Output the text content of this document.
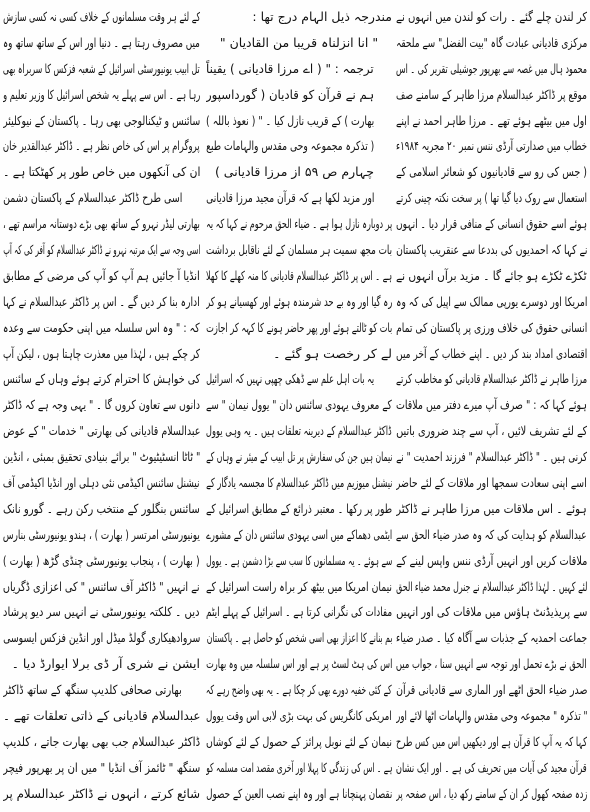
کر لندن چلے گئے ۔ رات کو لندن میں انہوں نے
مرکزی قادیانی عبادت گاہ "بیت الفضل" سے ملحقہ
محمود ہال میں غصہ سے بھرپور جوشیلی تقریر کی ۔ اس
موقع پر ڈاکٹر عبدالسلام مرزا طاہر کے سامنے صف
اول میں بیٹھے ہوئے تھے ۔ مرزا طاہر احمد نے اپنے
خطاب میں صدارتی آرڈی ننس نمبر ۲۰ مجریہ ۱۹۸۴ء
( جس کی رو سے قادیانیوں کو شعائر اسلامی کے
استعمال سے روک دیا گیا تھا ) پر سخت نکتہ چینی کرتے
ہوئے اسے حقوق انسانی کے منافی قرار دیا ۔ انہوں
نے کہا کہ احمدیوں کی بددعا سے عنقریب پاکستان
ٹکڑے ٹکڑے ہو جائے گا ۔ مزید برآں انہوں نے
امریکا اور دوسرے یورپی ممالک سے اپیل کی کہ وہ
انسانی حقوق کی خلاف ورزی پر پاکستان کی تمام
اقتصادی امداد بند کر دیں ۔ اپنے خطاب کے آخر میں
مرزا طاہر نے ڈاکٹر عبدالسلام قادیانی کو مخاطب کرتے
ہوئے کہا کہ : " صرف آپ میرے دفتر میں ملاقات
کے لئے تشریف لائیں ، آپ سے چند ضروری باتیں
کرنی ہیں ۔ " ڈاکٹر عبدالسلام " فرزند احمدیت " نے
اسے اپنی سعادت سمجھا اور ملاقات کے لئے حاضر
ہوئے ۔ اس ملاقات میں مرزا طاہر نے ڈاکٹر
عبدالسلام کو ہدایت کی کہ وہ صدر ضیاء الحق سے
ملاقات کریں اور انہیں آرڈی ننس واپس لینے کے
لئے کہیں ۔ لہٰذا ڈاکٹر عبدالسلام نے جنرل محمد ضیاء الحق
سے پریذیڈنٹ ہاؤس میں ملاقات کی اور انہیں
جماعت احمدیہ کے جذبات سے آگاہ کیا ۔ صدر ضیاء
الحق نے بڑے تحمل اور توجہ سے انہیں سنا ، جواب میں
صدر ضیاء الحق اٹھے اور الماری سے قادیانی قرآن
" تذکرہ " مجموعہ وحی مقدس والہامات اٹھا لائے اور
کہا کہ یہ آپ کا قرآن ہے اور دیکھیں اس میں کس طرح
قرآن مجید کی آیات میں تحریف کی ہے ۔ اور ایک نشان
زدہ صفحہ کھول کر ان کے سامنے رکھ دیا ، اس صفحہ پر
مندرجہ ذیل الہام درج تھا :
" انا انزلناہ قریبا من القادیان "
ترجمہ : " ( اے مرزا قادیانی ) یقیناً
ہم نے قرآن کو قادیان ( گورداسپور
بھارت ) کے قریب نازل کیا ۔ " ( نعوذ باللہ )
( تذکرہ مجموعہ وحی مقدس والہامات طبع
چہارم ص ۵۹ از مرزا قادیانی )
اور مزید لکھا ہے کہ قرآن مجید مرزا قادیانی
پر دوبارہ نازل ہوا ہے ۔ ضیاء الحق مرحوم نے کہا کہ یہ
بات مجھ سمیت ہر مسلمان کے لئے ناقابل برداشت
ہے ۔ اس پر ڈاکٹر عبدالسلام قادیانی کا منہ کھلے کا کھلا
رہ گیا اور وہ بے حد شرمندہ ہوئے اور کھسیانے ہو کر
بات کو ٹالتے ہوئے اور پھر حاضر ہونے کا کہہ کر اجازت
لے کر رخصت ہو گئے ۔
یہ بات اہل علم سے ڈھکی چھپی نہیں کہ اسرائیل
کے معروف یہودی سائنس دان " یوول نیمان " سے
ڈاکٹر عبدالسلام کے دیرینہ تعلقات ہیں ۔ یہ وہی یوول
نیمان ہیں جن کی سفارش پر تل ابیب کے میئر نے وہاں کے
نیشنل میوزیم میں ڈاکٹر عبدالسلام کا مجسمہ یادگار کے
طور پر رکھا ۔ معتبر ذرائع کے مطابق اسرائیل کے
ایٹمی دھماکے میں اسی یہودی سائنس دان کے مشورے
سے ہوئے ۔ یہ مسلمانوں کا سب سے بڑا دشمن ہے ۔ یوول
نیمان امریکا میں بیٹھ کر براہ راست اسرائیل کے
مفادات کی نگرانی کرتا ہے ۔ اسرائیل کے پہلے ایٹم
بم بنانے کا اعزاز بھی اسی شخص کو حاصل ہے ۔ پاکستان
اس کی ہٹ لسٹ پر ہے اور اس سلسلہ میں وہ بھارت
کے کئی خفیہ دورے بھی کر چکا ہے ۔ یہ بھی واضح رہے کہ
امریکی کانگریس کی بہت بڑی لابی اس وقت یوول
نیمان کے لئے نوبل پرائز کے حصول کے لئے کوشاں
ہے ۔ اس کی زندگی کا پہلا اور آخری مقصد امت مسلمہ کو
نقصان پہنچانا ہے اور وہ اپنے نصب العین کے حصول
کے لئے ہر وقت مسلمانوں کے خلاف کسی نہ کسی سازش
میں مصروف رہتا ہے ۔ دنیا اور اس کے ساتھ ساتھ وہ
تل ابیب یونیورسٹی اسرائیل کے شعبہ فزکس کا سربراہ بھی
رہا ہے ۔ اس سے پہلے یہ شخص اسرائیل کا وزیر تعلیم و
سائنس و ٹیکنالوجی بھی رہا ۔ پاکستان کے نیوکلیئر
پروگرام پر اس کی خاص نظر ہے ۔ ڈاکٹر عبدالقدیر خان
ان کی آنکھوں میں خاص طور پر کھٹکتا ہے ۔
اسی طرح ڈاکٹر عبدالسلام کے پاکستان دشمن
بھارتی لیڈر نہرو کے ساتھ بھی بڑے دوستانہ مراسم تھے ،
اسی وجہ سے ایک مرتبہ نہرو نے ڈاکٹر عبدالسلام کو آفر کی کہ آپ
انڈیا آ جائیں ہم آپ کو آپ کی مرضی کے مطابق
ادارہ بنا کر دیں گے ۔ اس پر ڈاکٹر عبدالسلام نے کہا
کہ : " وہ اس سلسلہ میں اپنی حکومت سے وعدہ
کر چکے ہیں ، لہٰذا میں معذرت چاہتا ہوں ، لیکن آپ
کی خواہش کا احترام کرتے ہوئے وہاں کے سائنس
دانوں سے تعاون کروں گا ۔ " یہی وجہ ہے کہ ڈاکٹر
عبدالسلام قادیانی کی بھارتی " خدمات " کے عوض
" ٹاٹا انسٹیٹیوٹ " برائے بنیادی تحقیق بمبئی ، انڈین
نیشنل سائنس اکیڈمی نئی دہلی اور انڈیا اکیڈمی آف
سائنس بنگلور کے منتخب رکن رہے ۔ گورو نانک
یونیورسٹی امرتسر ( بھارت ) ، ہندو یونیورسٹی بنارس
( بھارت ) ، پنجاب یونیورسٹی چنڈی گڑھ ( بھارت )
نے انہیں " ڈاکٹر آف سائنس " کی اعزازی ڈگریاں
دیں ۔ کلکتہ یونیورسٹی نے انہیں سر دیو پرشاد
سروادھیکاری گولڈ میڈل اور انڈین فزکس ایسوسی
ایشن نے شری آر ڈی برلا ایوارڈ دیا ۔
بھارتی صحافی کلدیپ سنگھ کے ساتھ ڈاکٹر
عبدالسلام قادیانی کے ذاتی تعلقات تھے ۔
ڈاکٹر عبدالسلام جب بھی بھارت جاتے ، کلدیپ
سنگھ " ٹائمز آف انڈیا " میں ان پر بھرپور فیچر
شائع کرتے ، انہوں نے ڈاکٹر عبدالسلام پر
